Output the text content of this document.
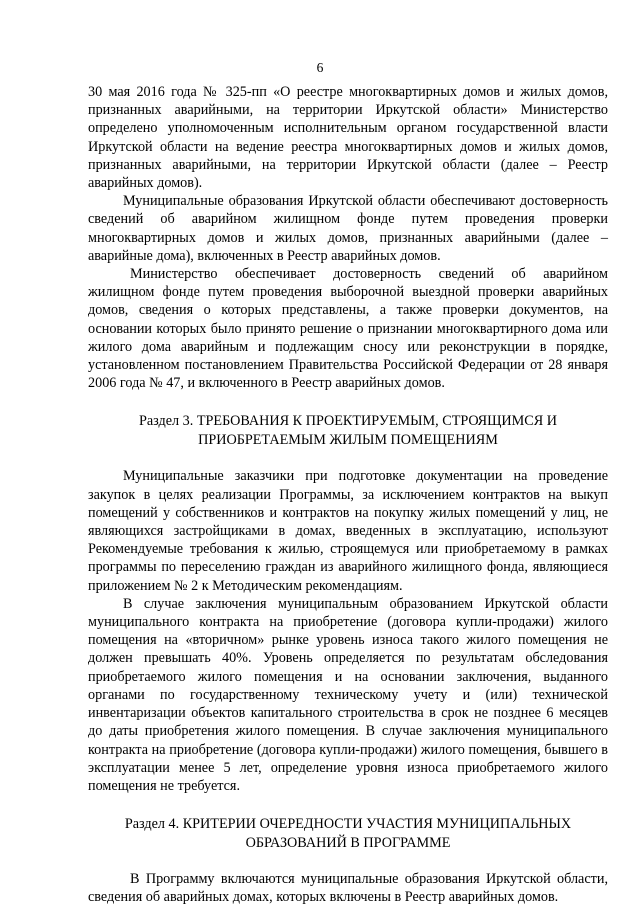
6

30 мая 2016 года № 325-пп «О реестре многоквартирных домов и жилых домов, признанных аварийными, на территории Иркутской области» Министерство определено уполномоченным исполнительным органом государственной власти Иркутской области на ведение реестра многоквартирных домов и жилых домов, признанных аварийными, на территории Иркутской области (далее – Реестр аварийных домов).

Муниципальные образования Иркутской области обеспечивают достоверность сведений об аварийном жилищном фонде путем проведения проверки многоквартирных домов и жилых домов, признанных аварийными (далее – аварийные дома), включенных в Реестр аварийных домов.

Министерство обеспечивает достоверность сведений об аварийном жилищном фонде путем проведения выборочной выездной проверки аварийных домов, сведения о которых представлены, а также проверки документов, на основании которых было принято решение о признании многоквартирного дома или жилого дома аварийным и подлежащим сносу или реконструкции в порядке, установленном постановлением Правительства Российской Федерации от 28 января 2006 года № 47, и включенного в Реестр аварийных домов.

Раздел 3. ТРЕБОВАНИЯ К ПРОЕКТИРУЕМЫМ, СТРОЯЩИМСЯ И

ПРИОБРЕТАЕМЫМ ЖИЛЫМ ПОМЕЩЕНИЯМ

Муниципальные заказчики при подготовке документации на проведение закупок в целях реализации Программы, за исключением контрактов на выкуп помещений у собственников и контрактов на покупку жилых помещений у лиц, не являющихся застройщиками в домах, введенных в эксплуатацию, используют Рекомендуемые требования к жилью, строящемуся или приобретаемому в рамках программы по переселению граждан из аварийного жилищного фонда, являющиеся приложением № 2 к Методическим рекомендациям.

В случае заключения муниципальным образованием Иркутской области муниципального контракта на приобретение (договора купли-продажи) жилого помещения на «вторичном» рынке уровень износа такого жилого помещения не должен превышать 40%. Уровень определяется по результатам обследования приобретаемого жилого помещения и на основании заключения, выданного органами по государственному техническому учету и (или) технической инвентаризации объектов капитального строительства в срок не позднее 6 месяцев до даты приобретения жилого помещения. В случае заключения муниципального контракта на приобретение (договора купли-продажи) жилого помещения, бывшего в эксплуатации менее 5 лет, определение уровня износа приобретаемого жилого помещения не требуется.

Раздел 4. КРИТЕРИИ ОЧЕРЕДНОСТИ УЧАСТИЯ МУНИЦИПАЛЬНЫХ

ОБРАЗОВАНИЙ В ПРОГРАММЕ

В Программу включаются муниципальные образования Иркутской области, сведения об аварийных домах, которых включены в Реестр аварийных домов.
